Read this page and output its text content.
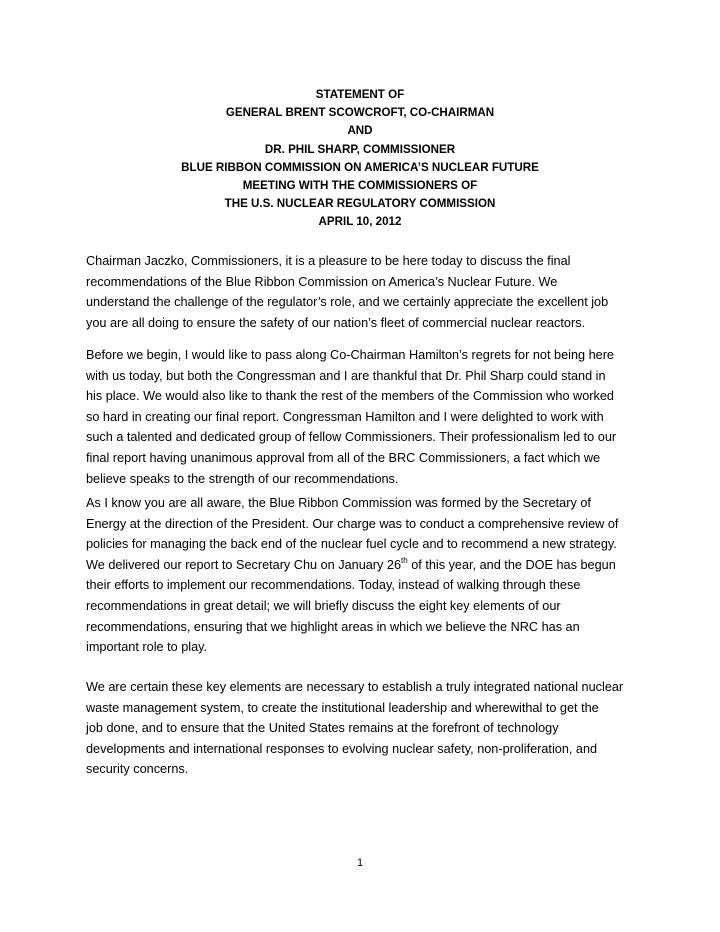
STATEMENT OF
GENERAL BRENT SCOWCROFT, CO-CHAIRMAN
AND
DR. PHIL SHARP, COMMISSIONER
BLUE RIBBON COMMISSION ON AMERICA’S NUCLEAR FUTURE
MEETING WITH THE COMMISSIONERS OF
THE U.S. NUCLEAR REGULATORY COMMISSION
APRIL 10, 2012
Chairman Jaczko, Commissioners, it is a pleasure to be here today to discuss the final
recommendations of the Blue Ribbon Commission on America’s Nuclear Future. We
understand the challenge of the regulator’s role, and we certainly appreciate the excellent job
you are all doing to ensure the safety of our nation’s fleet of commercial nuclear reactors.
Before we begin, I would like to pass along Co-Chairman Hamilton’s regrets for not being here
with us today, but both the Congressman and I are thankful that Dr. Phil Sharp could stand in
his place. We would also like to thank the rest of the members of the Commission who worked
so hard in creating our final report. Congressman Hamilton and I were delighted to work with
such a talented and dedicated group of fellow Commissioners. Their professionalism led to our
final report having unanimous approval from all of the BRC Commissioners, a fact which we
believe speaks to the strength of our recommendations.
As I know you are all aware, the Blue Ribbon Commission was formed by the Secretary of
Energy at the direction of the President. Our charge was to conduct a comprehensive review of
policies for managing the back end of the nuclear fuel cycle and to recommend a new strategy.
We delivered our report to Secretary Chu on January 26th of this year, and the DOE has begun
their efforts to implement our recommendations. Today, instead of walking through these
recommendations in great detail; we will briefly discuss the eight key elements of our
recommendations, ensuring that we highlight areas in which we believe the NRC has an
important role to play.
We are certain these key elements are necessary to establish a truly integrated national nuclear
waste management system, to create the institutional leadership and wherewithal to get the
job done, and to ensure that the United States remains at the forefront of technology
developments and international responses to evolving nuclear safety, non-proliferation, and
security concerns.
1
